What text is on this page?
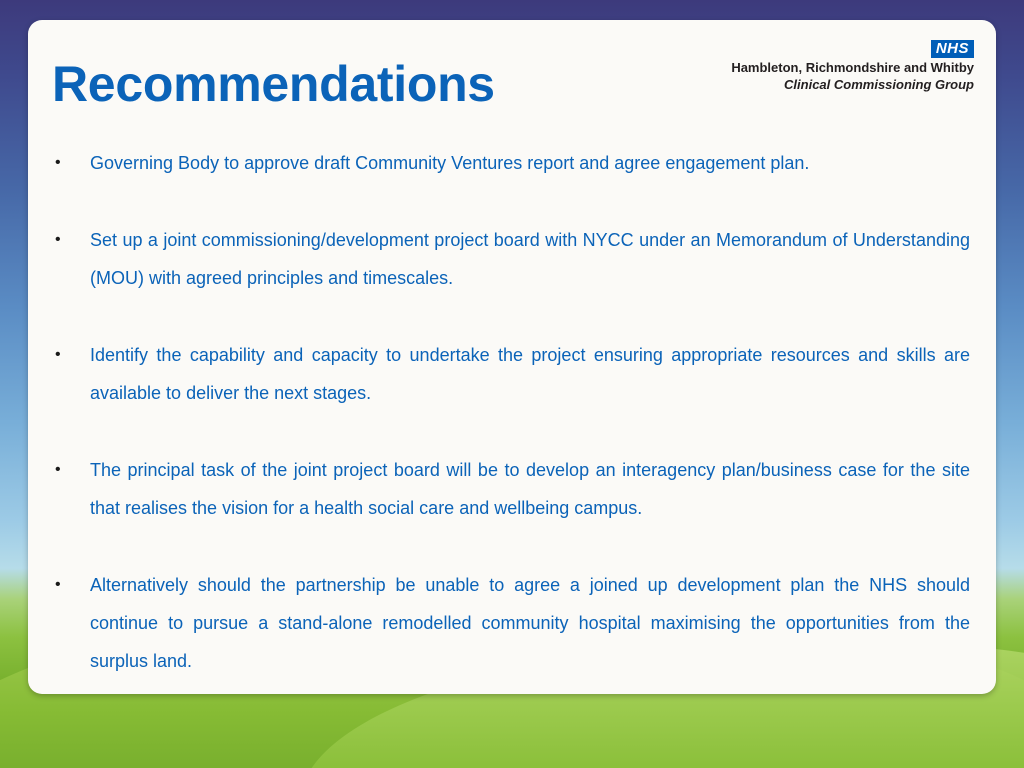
Recommendations
NHS
Hambleton, Richmondshire and Whitby
Clinical Commissioning Group
• Governing Body to approve draft Community Ventures report and agree engagement plan.
• Set up a joint commissioning/development project board with NYCC under an Memorandum of Understanding (MOU) with agreed principles and timescales.
• Identify the capability and capacity to undertake the project ensuring appropriate resources and skills are available to deliver the next stages.
• The principal task of the joint project board will be to develop an interagency plan/business case for the site that realises the vision for a health social care and wellbeing campus.
• Alternatively should the partnership be unable to agree a joined up development plan the NHS should continue to pursue a stand-alone remodelled community hospital maximising the opportunities from the surplus land.
